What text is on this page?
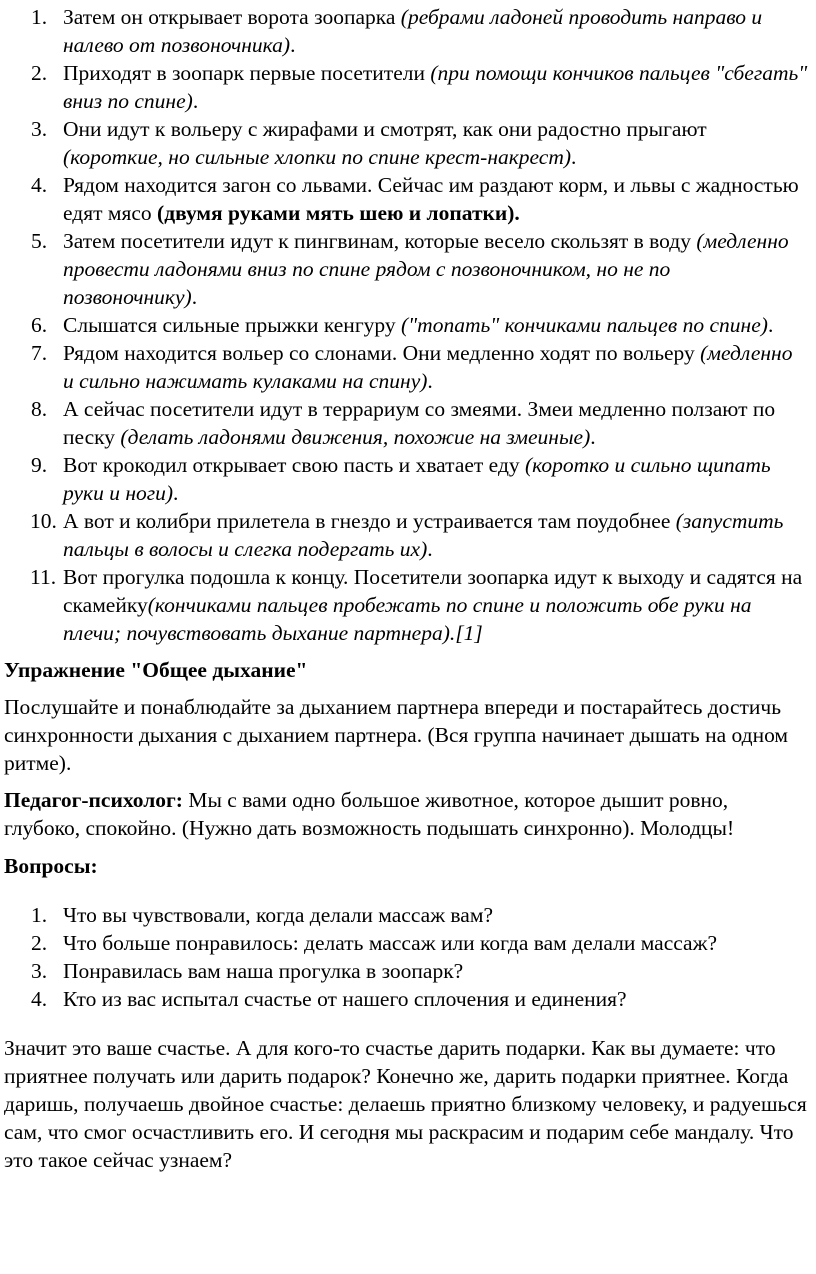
1. Затем он открывает ворота зоопарка (ребрами ладоней проводить направо и налево от позвоночника).
2. Приходят в зоопарк первые посетители (при помощи кончиков пальцев "сбегать" вниз по спине).
3. Они идут к вольеру с жирафами и смотрят, как они радостно прыгают (короткие, но сильные хлопки по спине крест-накрест).
4. Рядом находится загон со львами. Сейчас им раздают корм, и львы с жадностью едят мясо (двумя руками мять шею и лопатки).
5. Затем посетители идут к пингвинам, которые весело скользят в воду (медленно провести ладонями вниз по спине рядом с позвоночником, но не по позвоночнику).
6. Слышатся сильные прыжки кенгуру ("топать" кончиками пальцев по спине).
7. Рядом находится вольер со слонами. Они медленно ходят по вольеру (медленно и сильно нажимать кулаками на спину).
8. А сейчас посетители идут в террариум со змеями. Змеи медленно ползают по песку (делать ладонями движения, похожие на змеиные).
9. Вот крокодил открывает свою пасть и хватает еду (коротко и сильно щипать руки и ноги).
10. А вот и колибри прилетела в гнездо и устраивается там поудобнее (запустить пальцы в волосы и слегка подергать их).
11. Вот прогулка подошла к концу. Посетители зоопарка идут к выходу и садятся на скамейку(кончиками пальцев пробежать по спине и положить обе руки на плечи; почувствовать дыхание партнера).[1]

Упражнение "Общее дыхание"

Послушайте и понаблюдайте за дыханием партнера впереди и постарайтесь достичь синхронности дыхания с дыханием партнера. (Вся группа начинает дышать на одном ритме).

Педагог-психолог: Мы с вами одно большое животное, которое дышит ровно, глубоко, спокойно. (Нужно дать возможность подышать синхронно). Молодцы!

Вопросы:

1. Что вы чувствовали, когда делали массаж вам?
2. Что больше понравилось: делать массаж или когда вам делали массаж?
3. Понравилась вам наша прогулка в зоопарк?
4. Кто из вас испытал счастье от нашего сплочения и единения?

Значит это ваше счастье. А для кого-то счастье дарить подарки. Как вы думаете: что приятнее получать или дарить подарок? Конечно же, дарить подарки приятнее. Когда даришь, получаешь двойное счастье: делаешь приятно близкому человеку, и радуешься сам, что смог осчастливить его. И сегодня мы раскрасим и подарим себе мандалу. Что это такое сейчас узнаем?
